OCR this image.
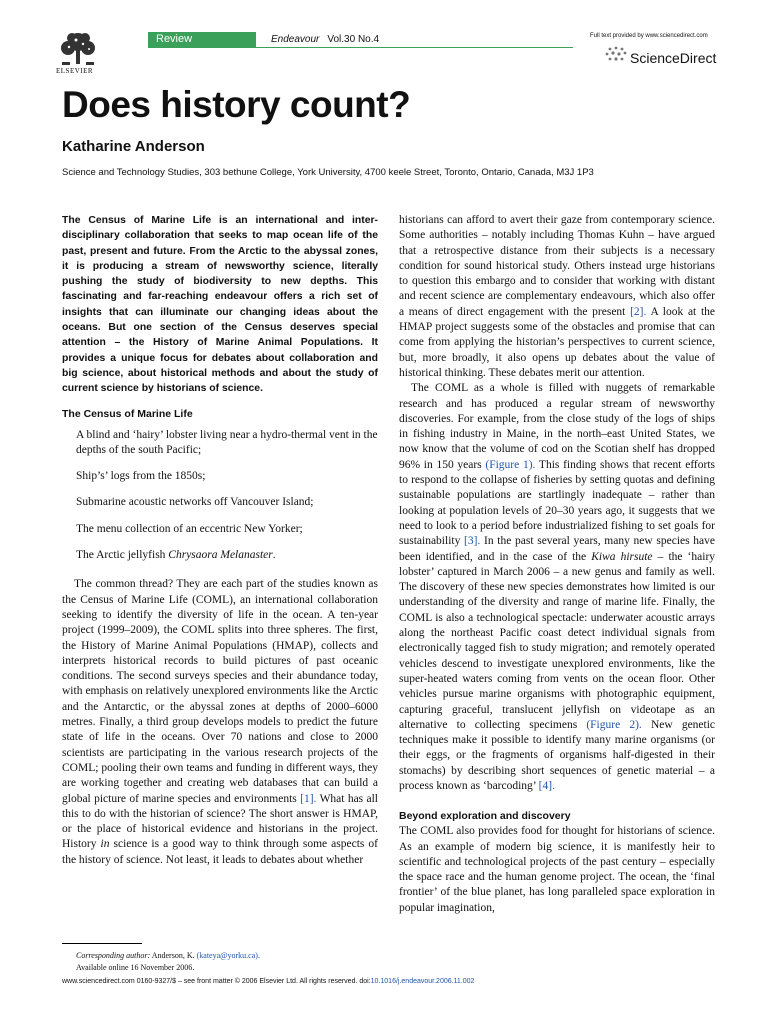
ELSEVIER
Review	Endeavour Vol.30 No.4	Full text provided by www.sciencedirect.com
ScienceDirect
Does history count?
Katharine Anderson
Science and Technology Studies, 303 bethune College, York University, 4700 keele Street, Toronto, Ontario, Canada, M3J 1P3

The Census of Marine Life is an international and inter-disciplinary collaboration that seeks to map ocean life of the past, present and future. From the Arctic to the abyssal zones, it is producing a stream of newsworthy science, literally pushing the study of biodiversity to new depths. This fascinating and far-reaching endeavour offers a rich set of insights that can illuminate our changing ideas about the oceans. But one section of the Census deserves special attention – the History of Marine Animal Populations. It provides a unique focus for debates about collaboration and big science, about historical methods and about the study of current science by historians of science.

The Census of Marine Life

A blind and ‘hairy’ lobster living near a hydro-thermal vent in the depths of the south Pacific;
Ship’s’ logs from the 1850s;
Submarine acoustic networks off Vancouver Island;
The menu collection of an eccentric New Yorker;
The Arctic jellyfish Chrysaora Melanaster.

The common thread? They are each part of the studies known as the Census of Marine Life (COML), an international collaboration seeking to identify the diversity of life in the ocean. A ten-year project (1999–2009), the COML splits into three spheres. The first, the History of Marine Animal Populations (HMAP), collects and interprets historical records to build pictures of past oceanic conditions. The second surveys species and their abundance today, with emphasis on relatively unexplored environments like the Arctic and the Antarctic, or the abyssal zones at depths of 2000–6000 metres. Finally, a third group develops models to predict the future state of life in the oceans. Over 70 nations and close to 2000 scientists are participating in the various research projects of the COML; pooling their own teams and funding in different ways, they are working together and creating web databases that can build a global picture of marine species and environments [1]. What has all this to do with the historian of science? The short answer is HMAP, or the place of historical evidence and historians in the project. History in science is a good way to think through some aspects of the history of science. Not least, it leads to debates about whether

historians can afford to avert their gaze from contemporary science. Some authorities – notably including Thomas Kuhn – have argued that a retrospective distance from their subjects is a necessary condition for sound historical study. Others instead urge historians to question this embargo and to consider that working with distant and recent science are complementary endeavours, which also offer a means of direct engagement with the present [2]. A look at the HMAP project suggests some of the obstacles and promise that can come from applying the historian’s perspectives to current science, but, more broadly, it also opens up debates about the value of historical thinking. These debates merit our attention.

The COML as a whole is filled with nuggets of remarkable research and has produced a regular stream of newsworthy discoveries. For example, from the close study of the logs of ships in fishing industry in Maine, in the north–east United States, we now know that the volume of cod on the Scotian shelf has dropped 96% in 150 years (Figure 1). This finding shows that recent efforts to respond to the collapse of fisheries by setting quotas and defining sustainable populations are startlingly inadequate – rather than looking at population levels of 20–30 years ago, it suggests that we need to look to a period before industrialized fishing to set goals for sustainability [3]. In the past several years, many new species have been identified, and in the case of the Kiwa hirsute – the ‘hairy lobster’ captured in March 2006 – a new genus and family as well. The discovery of these new species demonstrates how limited is our understanding of the diversity and range of marine life. Finally, the COML is also a technological spectacle: underwater acoustic arrays along the northeast Pacific coast detect individual signals from electronically tagged fish to study migration; and remotely operated vehicles descend to investigate unexplored environments, like the super-heated waters coming from vents on the ocean floor. Other vehicles pursue marine organisms with photographic equipment, capturing graceful, translucent jellyfish on videotape as an alternative to collecting specimens (Figure 2). New genetic techniques make it possible to identify many marine organisms (or their eggs, or the fragments of organisms half-digested in their stomachs) by describing short sequences of genetic material – a process known as ‘barcoding’ [4].

Beyond exploration and discovery

The COML also provides food for thought for historians of science. As an example of modern big science, it is manifestly heir to scientific and technological projects of the past century – especially the space race and the human genome project. The ocean, the ‘final frontier’ of the blue planet, has long paralleled space exploration in popular imagination,

Corresponding author: Anderson, K. (kateya@yorku.ca).
Available online 16 November 2006.
www.sciencedirect.com 0160-9327/$ – see front matter © 2006 Elsevier Ltd. All rights reserved. doi:10.1016/j.endeavour.2006.11.002
